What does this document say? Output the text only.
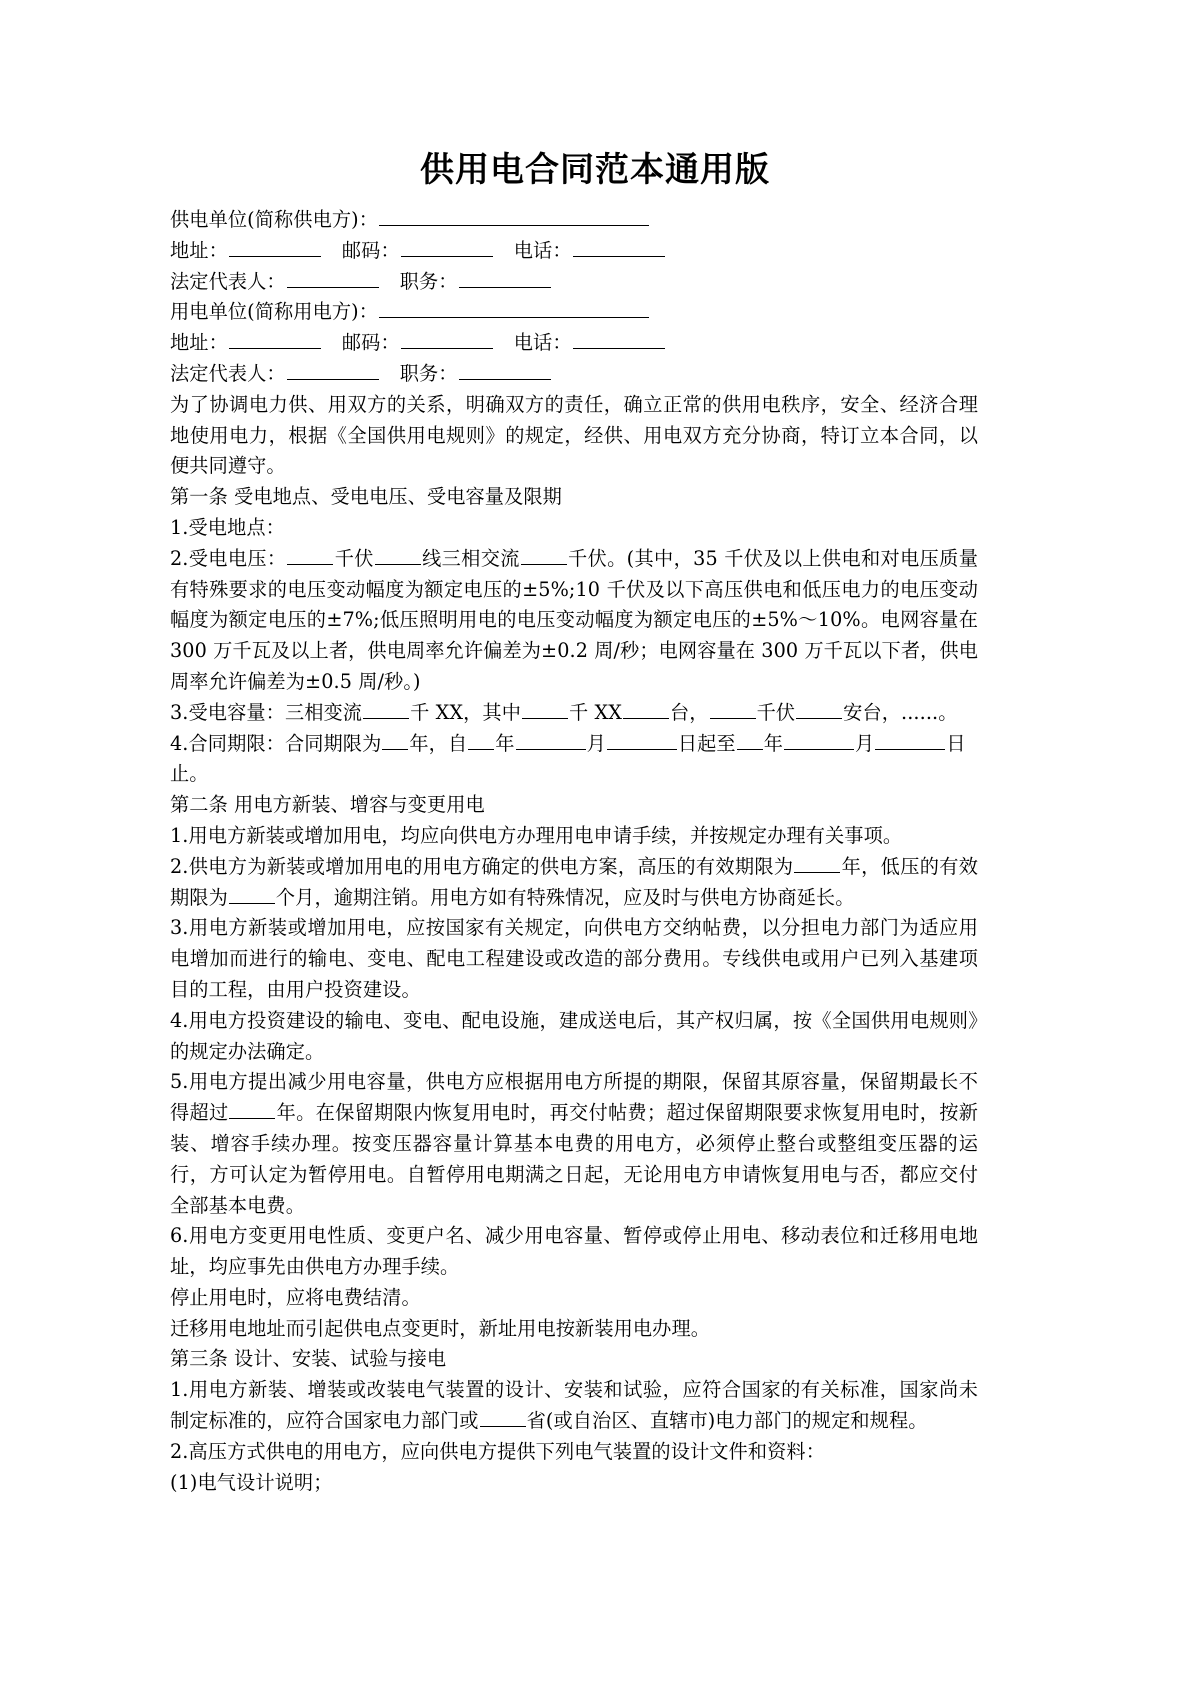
供用电合同范本通用版

供电单位(简称供电方)：

地址：	邮码：	电话：

法定代表人：	职务：

用电单位(简称用电方)：

地址：	邮码：	电话：

法定代表人：	职务：

为了协调电力供、用双方的关系，明确双方的责任，确立正常的供用电秩序，安全、经济合理地使用电力，根据《全国供用电规则》的规定，经供、用电双方充分协商，特订立本合同，以便共同遵守。

第一条 受电地点、受电电压、受电容量及限期

1.受电地点：

2.受电电压：	千伏	线三相交流	千伏。(其中，35 千伏及以上供电和对电压质量有特殊要求的电压变动幅度为额定电压的±5%;10 千伏及以下高压供电和低压电力的电压变动幅度为额定电压的±7%;低压照明用电的电压变动幅度为额定电压的±5%～10%。电网容量在 300 万千瓦及以上者，供电周率允许偏差为±0.2 周/秒；电网容量在 300 万千瓦以下者，供电周率允许偏差为±0.5 周/秒。)

3.受电容量：三相变流	千 XX，其中	千 XX	台，	千伏	安台，......。

4.合同期限：合同期限为 年，自 年	月	日起至 年	月	日止。

第二条 用电方新装、增容与变更用电

1.用电方新装或增加用电，均应向供电方办理用电申请手续，并按规定办理有关事项。

2.供电方为新装或增加用电的用电方确定的供电方案，高压的有效期限为	年，低压的有效期限为	个月，逾期注销。用电方如有特殊情况，应及时与供电方协商延长。

3.用电方新装或增加用电，应按国家有关规定，向供电方交纳帖费，以分担电力部门为适应用电增加而进行的输电、变电、配电工程建设或改造的部分费用。专线供电或用户已列入基建项目的工程，由用户投资建设。

4.用电方投资建设的输电、变电、配电设施，建成送电后，其产权归属，按《全国供用电规则》的规定办法确定。

5.用电方提出减少用电容量，供电方应根据用电方所提的期限，保留其原容量，保留期最长不得超过	年。在保留期限内恢复用电时，再交付帖费；超过保留期限要求恢复用电时，按新装、增容手续办理。按变压器容量计算基本电费的用电方，必须停止整台或整组变压器的运行，方可认定为暂停用电。自暂停用电期满之日起，无论用电方申请恢复用电与否，都应交付全部基本电费。

6.用电方变更用电性质、变更户名、减少用电容量、暂停或停止用电、移动表位和迁移用电地址，均应事先由供电方办理手续。

停止用电时，应将电费结清。

迁移用电地址而引起供电点变更时，新址用电按新装用电办理。

第三条 设计、安装、试验与接电

1.用电方新装、增装或改装电气装置的设计、安装和试验，应符合国家的有关标准，国家尚未制定标准的，应符合国家电力部门或	省(或自治区、直辖市)电力部门的规定和规程。

2.高压方式供电的用电方，应向供电方提供下列电气装置的设计文件和资料：

(1)电气设计说明；
